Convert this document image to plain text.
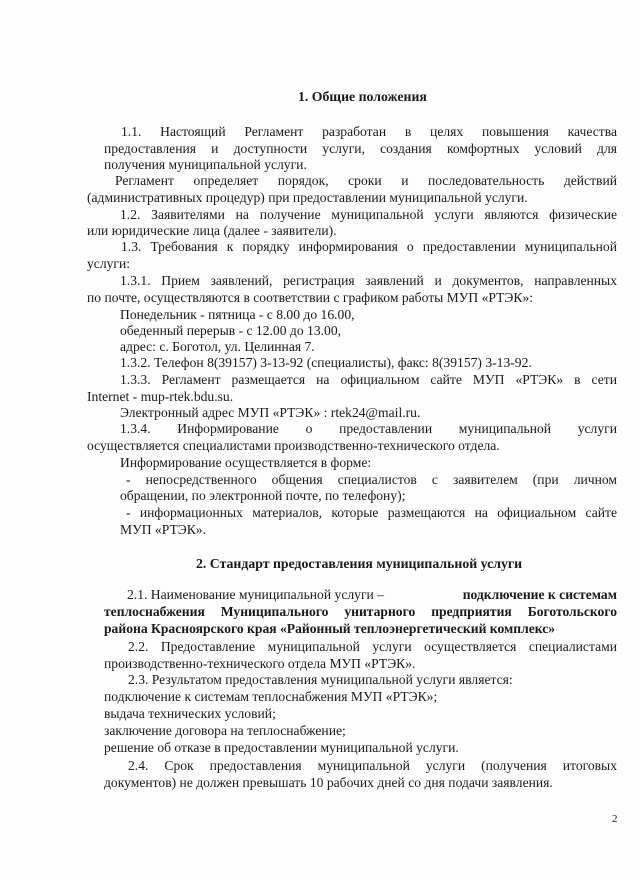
1. Общие положения
1.1. Настоящий Регламент разработан в целях повышения качества
предоставления и доступности услуги, создания комфортных условий для
получения муниципальной услуги.
Регламент определяет порядок, сроки и последовательность действий
(административных процедур) при предоставлении муниципальной услуги.
1.2. Заявителями на получение муниципальной услуги являются физические
или юридические лица (далее - заявители).
1.3. Требования к порядку информирования о предоставлении муниципальной
услуги:
1.3.1. Прием заявлений, регистрация заявлений и документов, направленных
по почте, осуществляются в соответствии с графиком работы МУП «РТЭК»:
Понедельник - пятница - с 8.00 до 16.00,
обеденный перерыв - с 12.00 до 13.00,
адрес: с. Боготол, ул. Целинная 7.
1.3.2. Телефон 8(39157) 3-13-92 (специалисты), факс: 8(39157) 3-13-92.
1.3.3. Регламент размещается на официальном сайте МУП «РТЭК» в сети
Internet - mup-rtek.bdu.su.
Электронный адрес МУП «РТЭК» : rtek24@mail.ru.
1.3.4. Информирование о предоставлении муниципальной услуги
осуществляется специалистами производственно-технического отдела.
Информирование осуществляется в форме:
- непосредственного общения специалистов с заявителем (при личном
обращении, по электронной почте, по телефону);
- информационных материалов, которые размещаются на официальном сайте
МУП «РТЭК».
2. Стандарт предоставления муниципальной услуги
2.1. Наименование муниципальной услуги –	подключение к системам
теплоснабжения Муниципального унитарного предприятия Боготольского
района Красноярского края «Районный теплоэнергетический комплекс»
2.2. Предоставление муниципальной услуги осуществляется специалистами
производственно-технического отдела МУП «РТЭК».
2.3. Результатом предоставления муниципальной услуги является:
подключение к системам теплоснабжения МУП «РТЭК»;
выдача технических условий;
заключение договора на теплоснабжение;
решение об отказе в предоставлении муниципальной услуги.
2.4. Срок предоставления муниципальной услуги (получения итоговых
документов) не должен превышать 10 рабочих дней со дня подачи заявления.
2
